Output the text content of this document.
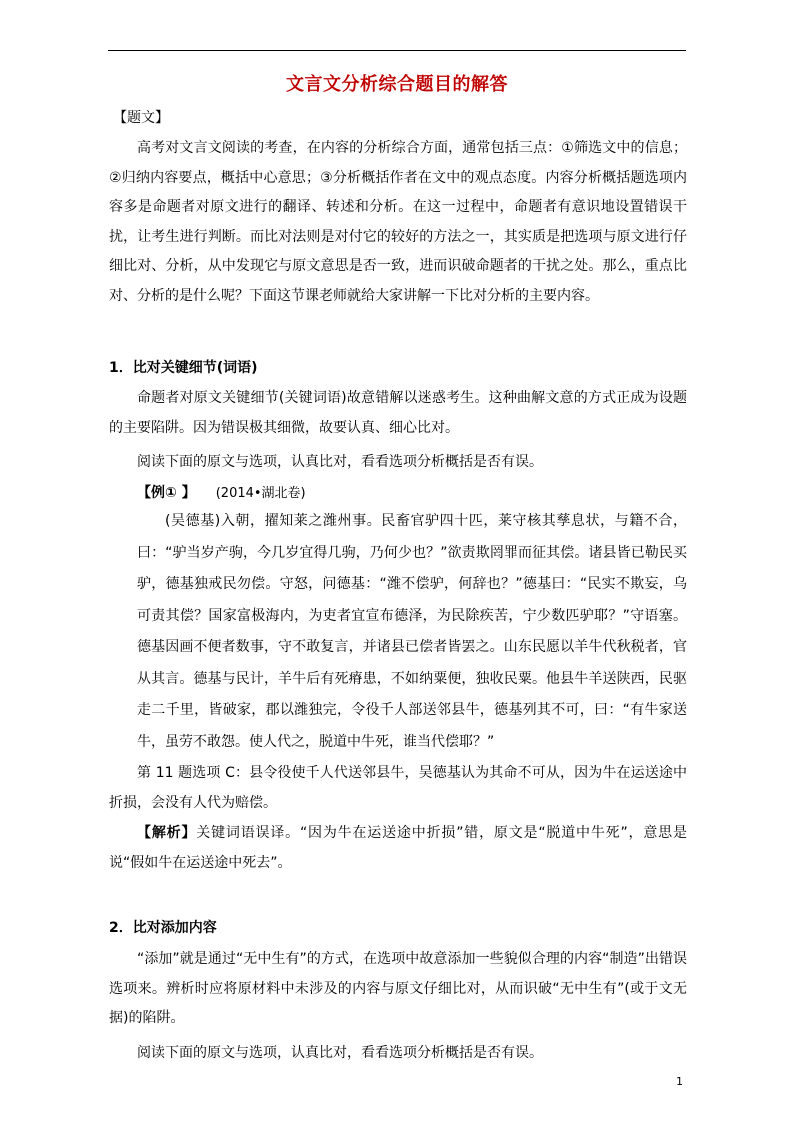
文言文分析综合题目的解答

【题文】

高考对文言文阅读的考查，在内容的分析综合方面，通常包括三点：①筛选文中的信息；②归纳内容要点，概括中心意思；③分析概括作者在文中的观点态度。内容分析概括题选项内容多是命题者对原文进行的翻译、转述和分析。在这一过程中，命题者有意识地设置错误干扰，让考生进行判断。而比对法则是对付它的较好的方法之一，其实质是把选项与原文进行仔细比对、分析，从中发现它与原文意思是否一致，进而识破命题者的干扰之处。那么，重点比对、分析的是什么呢？下面这节课老师就给大家讲解一下比对分析的主要内容。

1．比对关键细节(词语)

命题者对原文关键细节(关键词语)故意错解以迷惑考生。这种曲解文意的方式正成为设题的主要陷阱。因为错误极其细微，故要认真、细心比对。

阅读下面的原文与选项，认真比对，看看选项分析概括是否有误。

【例① 】 (2014•湖北卷)

(吴德基)入朝，擢知莱之潍州事。民畜官驴四十匹，莱守核其孳息状，与籍不合，曰：“驴当岁产驹，今几岁宜得几驹，乃何少也？”欲责欺罔罪而征其偿。诸县皆已勒民买驴，德基独戒民勿偿。守怒，问德基：“潍不偿驴，何辞也？”德基曰：“民实不欺妄，乌可责其偿？国家富极海内，为吏者宜宣布德泽，为民除疾苦，宁少数匹驴耶？”守语塞。德基因画不便者数事，守不敢复言，并诸县已偿者皆罢之。山东民愿以羊牛代秋税者，官从其言。德基与民计，羊牛后有死瘠患，不如纳粟便，独收民粟。他县牛羊送陕西，民驱走二千里，皆破家，郡以潍独完，令役千人部送邻县牛，德基列其不可，曰：“有牛家送牛，虽劳不敢怨。使人代之，脱道中牛死，谁当代偿耶？”

第 11 题选项 C：县令役使千人代送邻县牛，吴德基认为其命不可从，因为牛在运送途中折损，会没有人代为赔偿。

【解析】关键词语误译。“因为牛在运送途中折损”错，原文是“脱道中牛死”，意思是说“假如牛在运送途中死去”。

2．比对添加内容

“添加”就是通过“无中生有”的方式，在选项中故意添加一些貌似合理的内容“制造”出错误选项来。辨析时应将原材料中未涉及的内容与原文仔细比对，从而识破“无中生有”(或于文无据)的陷阱。

阅读下面的原文与选项，认真比对，看看选项分析概括是否有误。

1
